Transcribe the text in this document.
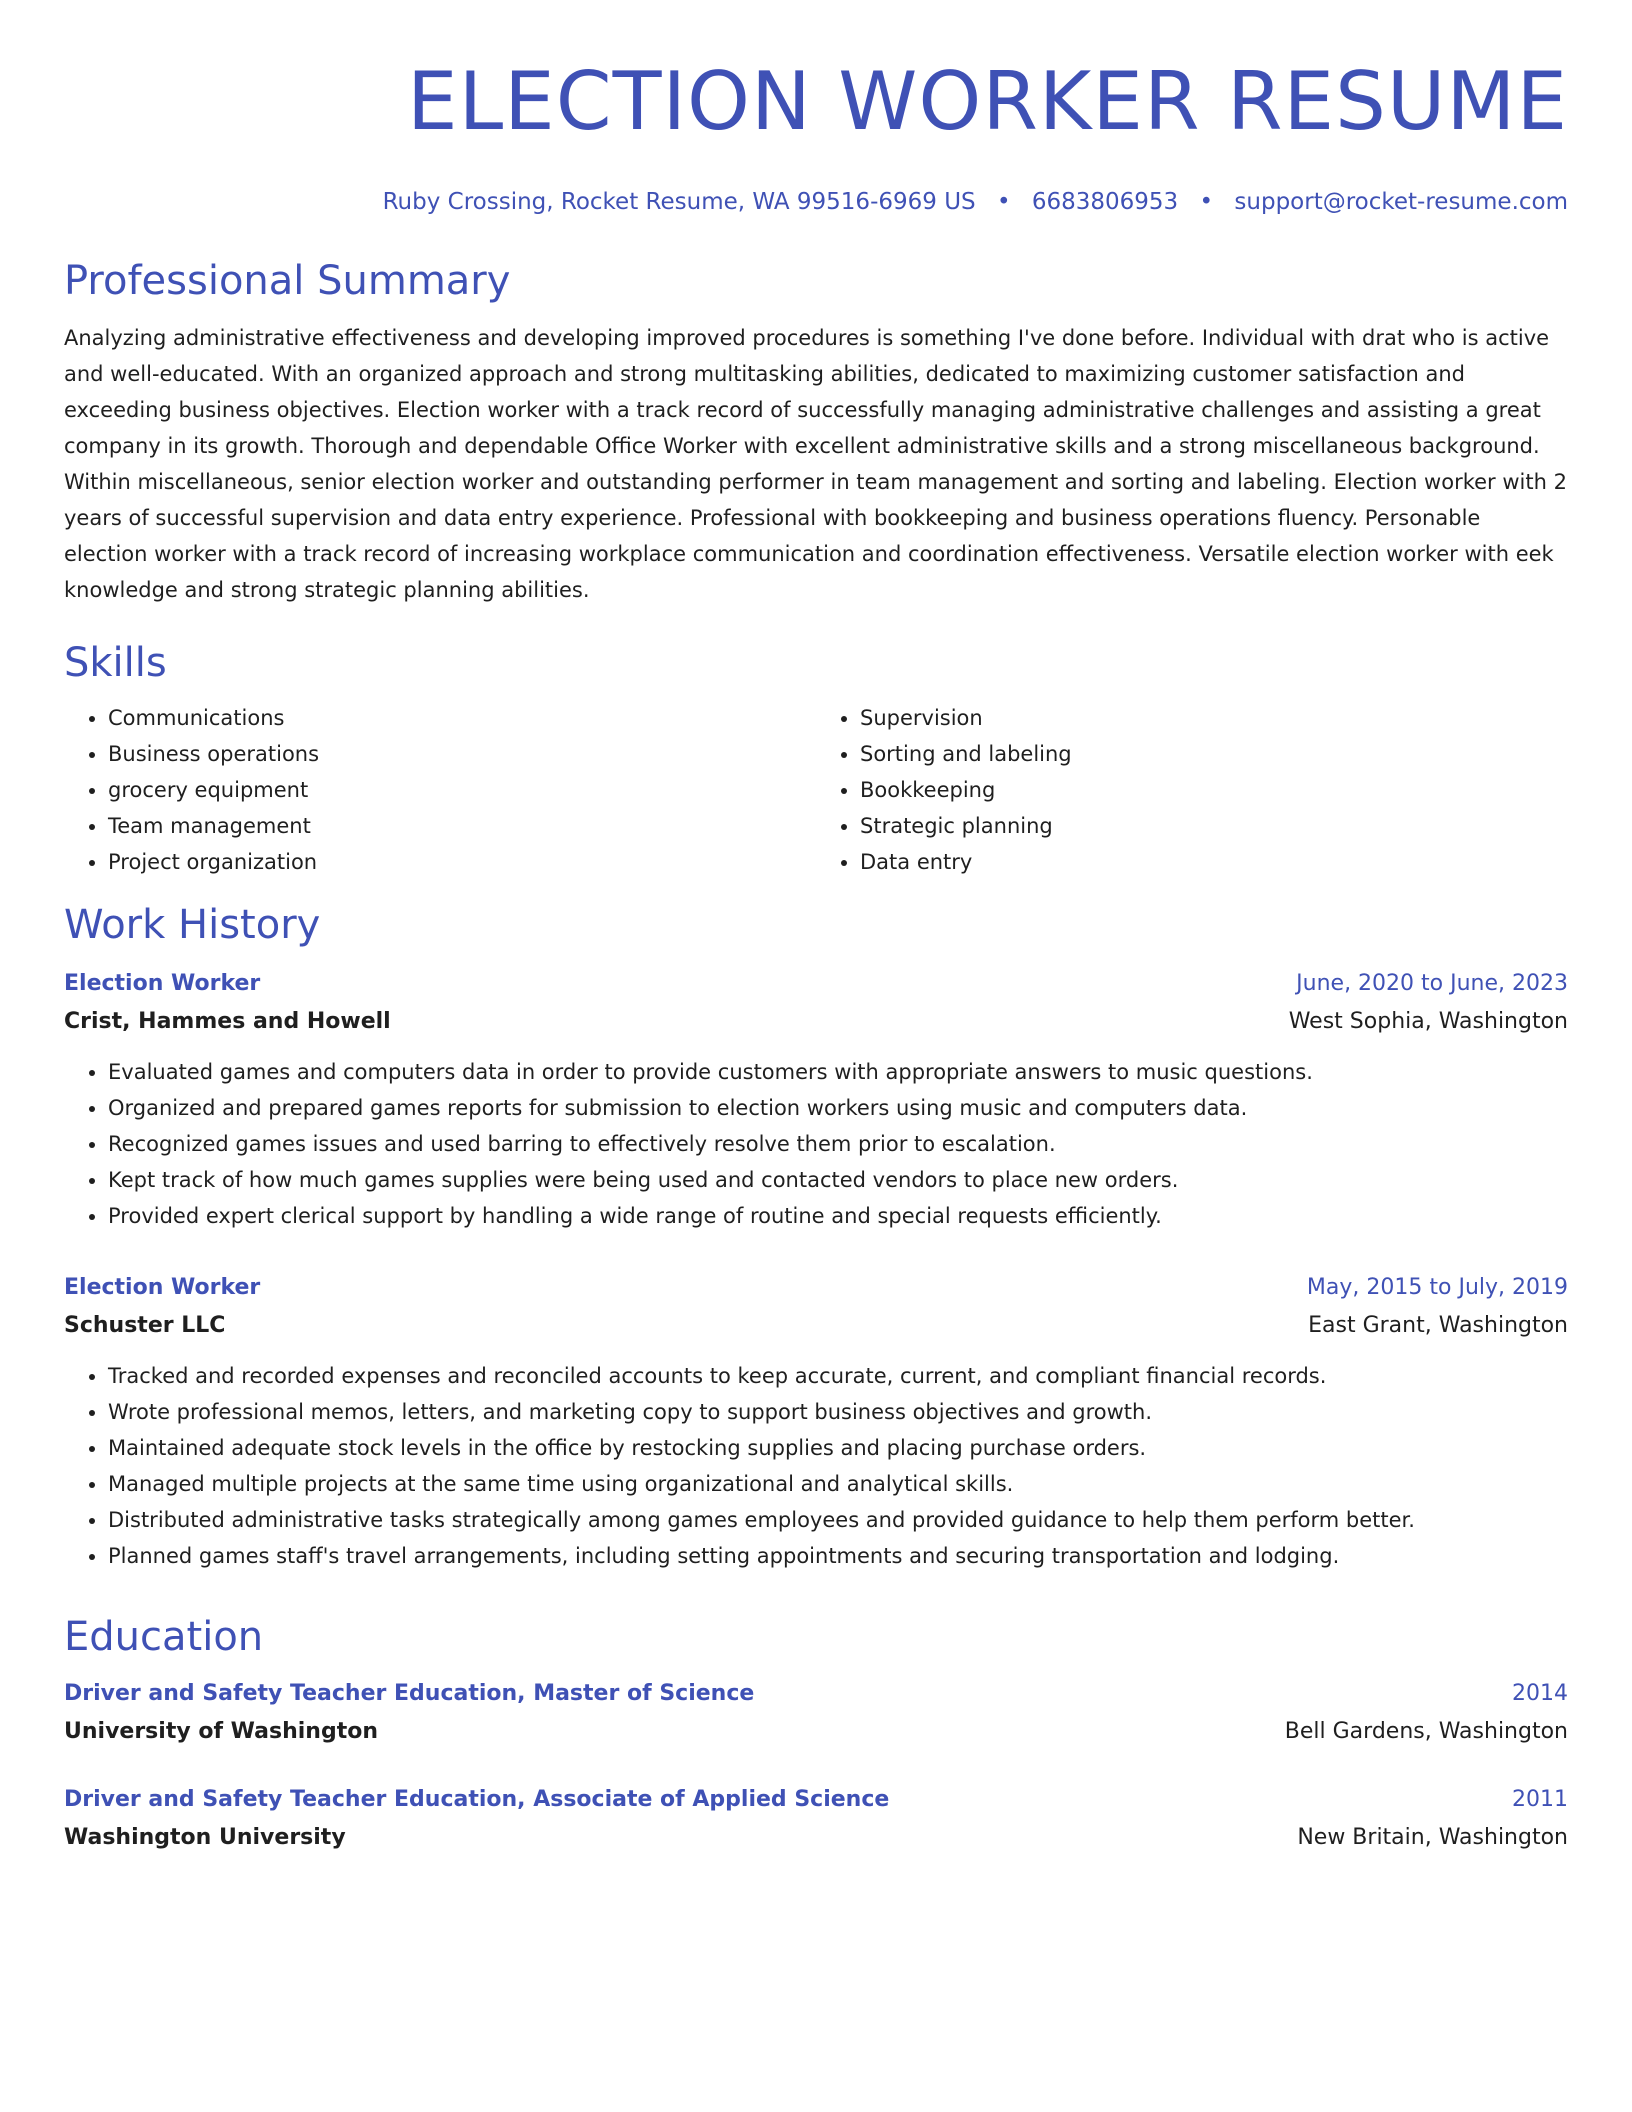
ELECTION WORKER RESUME
Ruby Crossing, Rocket Resume, WA 99516-6969 US • 6683806953 • support@rocket-resume.com
Professional Summary

Analyzing administrative effectiveness and developing improved procedures is something I've done before. Individual with drat who is active and well-educated. With an organized approach and strong multitasking abilities, dedicated to maximizing customer satisfaction and exceeding business objectives. Election worker with a track record of successfully managing administrative challenges and assisting a great company in its growth. Thorough and dependable Office Worker with excellent administrative skills and a strong miscellaneous background. Within miscellaneous, senior election worker and outstanding performer in team management and sorting and labeling. Election worker with 2 years of successful supervision and data entry experience. Professional with bookkeeping and business operations fluency. Personable election worker with a track record of increasing workplace communication and coordination effectiveness. Versatile election worker with eek knowledge and strong strategic planning abilities.

Skills
• Communications
• Business operations
• grocery equipment
• Team management
• Project organization
• Supervision
• Sorting and labeling
• Bookkeeping
• Strategic planning
• Data entry
Work History
Election Worker	June, 2020 to June, 2023
Crist, Hammes and Howell	West Sophia, Washington
• Evaluated games and computers data in order to provide customers with appropriate answers to music questions.
• Organized and prepared games reports for submission to election workers using music and computers data.
• Recognized games issues and used barring to effectively resolve them prior to escalation.
• Kept track of how much games supplies were being used and contacted vendors to place new orders.
• Provided expert clerical support by handling a wide range of routine and special requests efficiently.
Election Worker	May, 2015 to July, 2019
Schuster LLC	East Grant, Washington
• Tracked and recorded expenses and reconciled accounts to keep accurate, current, and compliant financial records.
• Wrote professional memos, letters, and marketing copy to support business objectives and growth.
• Maintained adequate stock levels in the office by restocking supplies and placing purchase orders.
• Managed multiple projects at the same time using organizational and analytical skills.
• Distributed administrative tasks strategically among games employees and provided guidance to help them perform better.
• Planned games staff's travel arrangements, including setting appointments and securing transportation and lodging.
Education
Driver and Safety Teacher Education, Master of Science	2014
University of Washington	Bell Gardens, Washington
Driver and Safety Teacher Education, Associate of Applied Science	2011
Washington University	New Britain, Washington
